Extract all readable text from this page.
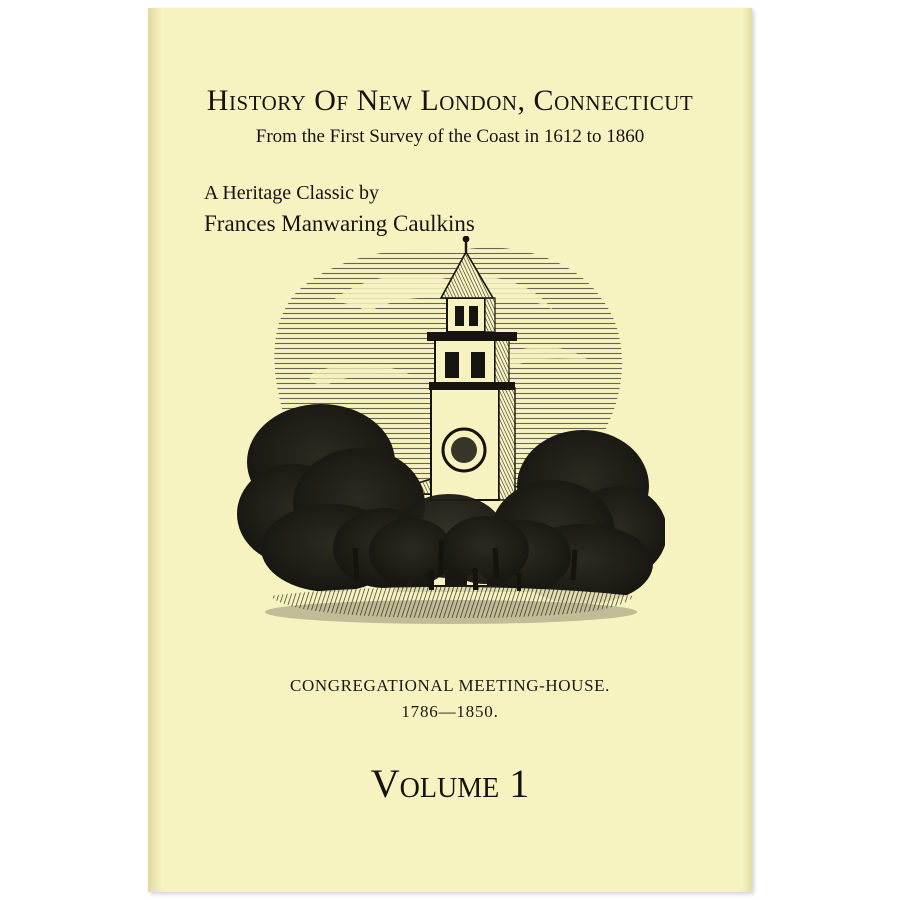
History Of New London, Connecticut

From the First Survey of the Coast in 1612 to 1860

A Heritage Classic by

Frances Manwaring Caulkins

CONGREGATIONAL MEETING-HOUSE.
1786—1850.
Volume 1
